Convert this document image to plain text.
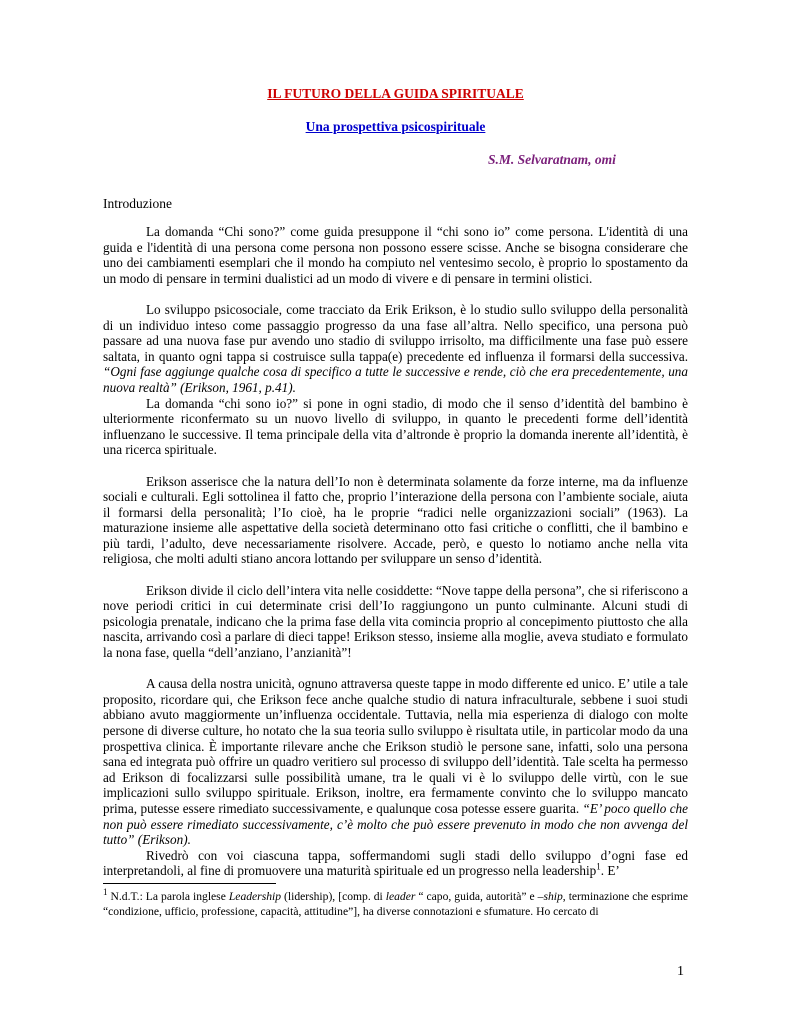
IL FUTURO DELLA GUIDA SPIRITUALE
Una prospettiva psicospirituale
S.M. Selvaratnam, omi
Introduzione

La domanda “Chi sono?” come guida presuppone il “chi sono io” come persona. L'identità di una guida e l'identità di una persona come persona non possono essere scisse. Anche se bisogna considerare che uno dei cambiamenti esemplari che il mondo ha compiuto nel ventesimo secolo, è proprio lo spostamento da un modo di pensare in termini dualistici ad un modo di vivere e di pensare in termini olistici.

Lo sviluppo psicosociale, come tracciato da Erik Erikson, è lo studio sullo sviluppo della personalità di un individuo inteso come passaggio progresso da una fase all’altra. Nello specifico, una persona può passare ad una nuova fase pur avendo uno stadio di sviluppo irrisolto, ma difficilmente una fase può essere saltata, in quanto ogni tappa si costruisce sulla tappa(e) precedente ed influenza il formarsi della successiva. “Ogni fase aggiunge qualche cosa di specifico a tutte le successive e rende, ciò che era precedentemente, una nuova realtà” (Erikson, 1961, p.41).

La domanda “chi sono io?” si pone in ogni stadio, di modo che il senso d’identità del bambino è ulteriormente riconfermato su un nuovo livello di sviluppo, in quanto le precedenti forme dell’identità influenzano le successive. Il tema principale della vita d’altronde è proprio la domanda inerente all’identità, è una ricerca spirituale.

Erikson asserisce che la natura dell’Io non è determinata solamente da forze interne, ma da influenze sociali e culturali. Egli sottolinea il fatto che, proprio l’interazione della persona con l’ambiente sociale, aiuta il formarsi della personalità; l’Io cioè, ha le proprie “radici nelle organizzazioni sociali” (1963). La maturazione insieme alle aspettative della società determinano otto fasi critiche o conflitti, che il bambino e più tardi, l’adulto, deve necessariamente risolvere. Accade, però, e questo lo notiamo anche nella vita religiosa, che molti adulti stiano ancora lottando per sviluppare un senso d’identità.

Erikson divide il ciclo dell’intera vita nelle cosiddette: “Nove tappe della persona”, che si riferiscono a nove periodi critici in cui determinate crisi dell’Io raggiungono un punto culminante. Alcuni studi di psicologia prenatale, indicano che la prima fase della vita comincia proprio al concepimento piuttosto che alla nascita, arrivando così a parlare di dieci tappe! Erikson stesso, insieme alla moglie, aveva studiato e formulato la nona fase, quella “dell’anziano, l’anzianità”!

A causa della nostra unicità, ognuno attraversa queste tappe in modo differente ed unico. E’ utile a tale proposito, ricordare qui, che Erikson fece anche qualche studio di natura infraculturale, sebbene i suoi studi abbiano avuto maggiormente un’influenza occidentale. Tuttavia, nella mia esperienza di dialogo con molte persone di diverse culture, ho notato che la sua teoria sullo sviluppo è risultata utile, in particolar modo da una prospettiva clinica. È importante rilevare anche che Erikson studiò le persone sane, infatti, solo una persona sana ed integrata può offrire un quadro veritiero sul processo di sviluppo dell’identità. Tale scelta ha permesso ad Erikson di focalizzarsi sulle possibilità umane, tra le quali vi è lo sviluppo delle virtù, con le sue implicazioni sullo sviluppo spirituale. Erikson, inoltre, era fermamente convinto che lo sviluppo mancato prima, putesse essere rimediato successivamente, e qualunque cosa potesse essere guarita. “E’ poco quello che non può essere rimediato successivamente, c’è molto che può essere prevenuto in modo che non avvenga del tutto” (Erikson).

Rivedrò con voi ciascuna tappa, soffermandomi sugli stadi dello sviluppo d’ogni fase ed interpretandoli, al fine di promuovere una maturità spirituale ed un progresso nella leadership$^1$. E’

$^1$ N.d.T.: La parola inglese Leadership (lidership), [comp. di leader “ capo, guida, autorità” e –ship, terminazione che esprime “condizione, ufficio, professione, capacità, attitudine”], ha diverse connotazioni e sfumature. Ho cercato di
1
